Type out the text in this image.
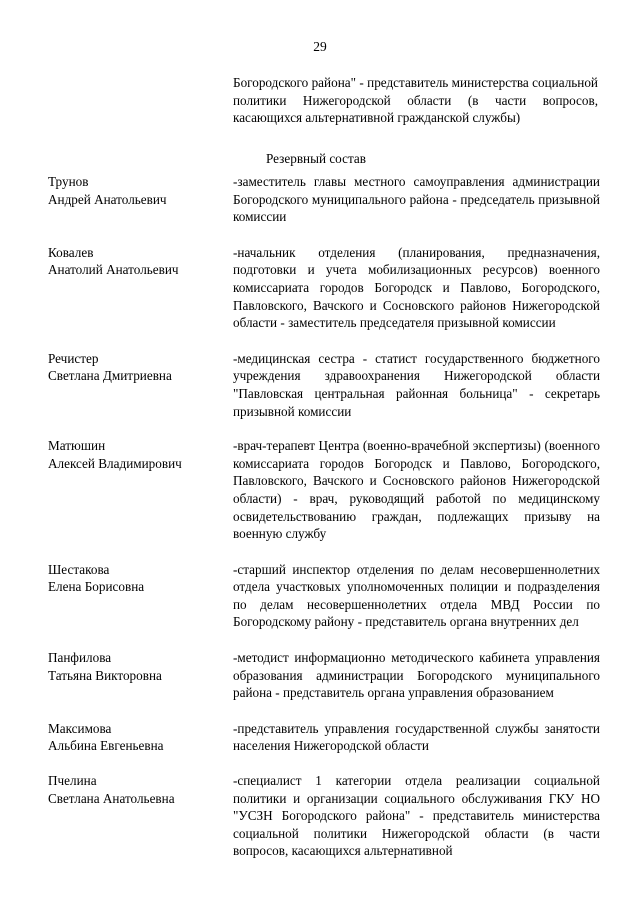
29
Богородского района" - представитель министерства социальной политики Нижегородской области (в части вопросов, касающихся альтернативной гражданской службы)
Резервный состав
Трунов
Андрей Анатольевич
-заместитель главы местного самоуправления администрации Богородского муниципального района - председатель призывной комиссии
Ковалев
Анатолий Анатольевич
-начальник отделения (планирования, предназначения, подготовки и учета мобилизационных ресурсов) военного комиссариата городов Богородск и Павлово, Богородского, Павловского, Вачского и Сосновского районов Нижегородской области - заместитель председателя призывной комиссии
Речистер
Светлана Дмитриевна
-медицинская сестра - статист государственного бюджетного учреждения здравоохранения Нижегородской области "Павловская центральная районная больница" - секретарь призывной комиссии
Матюшин
Алексей Владимирович
-врач-терапевт Центра (военно-врачебной экспертизы) (военного комиссариата городов Богородск и Павлово, Богородского, Павловского, Вачского и Сосновского районов Нижегородской области) - врач, руководящий работой по медицинскому освидетельствованию граждан, подлежащих призыву на военную службу
Шестакова
Елена Борисовна
-старший инспектор отделения по делам несовершеннолетних отдела участковых уполномоченных полиции и подразделения по делам несовершеннолетних отдела МВД России по Богородскому району - представитель органа внутренних дел
Панфилова
Татьяна Викторовна
-методист информационно методического кабинета управления образования администрации Богородского муниципального района - представитель органа управления образованием
Максимова
Альбина Евгеньевна
-представитель управления государственной службы занятости населения Нижегородской области
Пчелина
Светлана Анатольевна
-специалист 1 категории отдела реализации социальной политики и организации социального обслуживания ГКУ НО "УСЗН Богородского района" - представитель министерства социальной политики Нижегородской области (в части вопросов, касающихся альтернативной
